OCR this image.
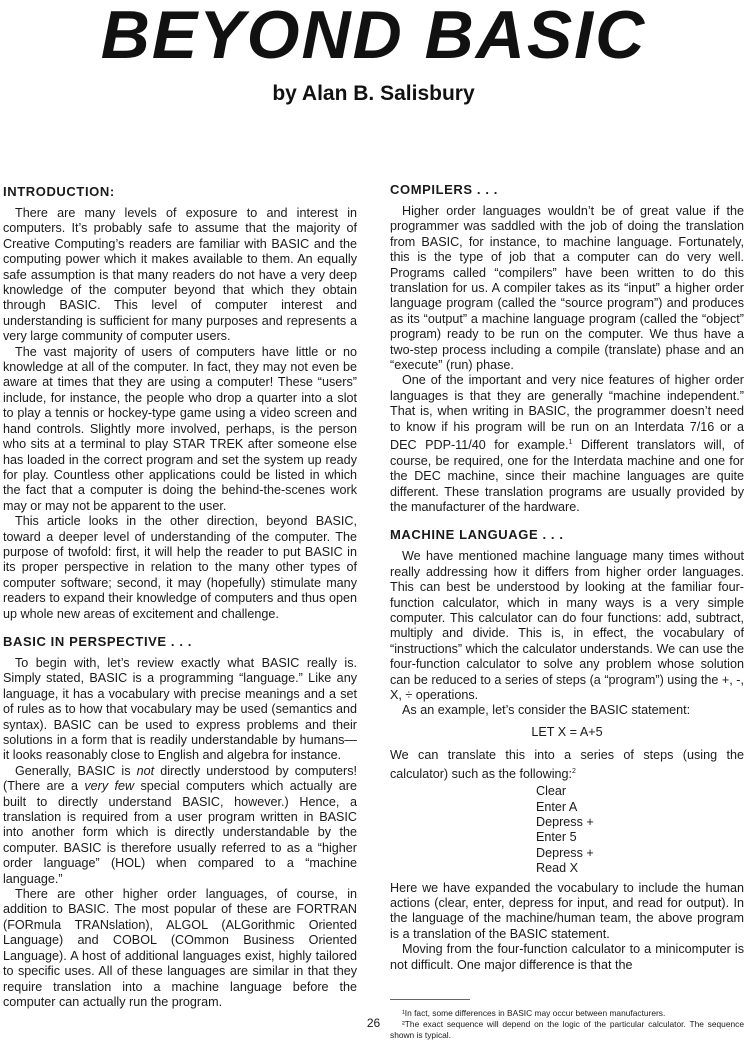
BEYOND BASIC
by Alan B. Salisbury
INTRODUCTION:

There are many levels of exposure to and interest in computers. It’s probably safe to assume that the majority of Creative Computing’s readers are familiar with BASIC and the computing power which it makes available to them. An equally safe assumption is that many readers do not have a very deep knowledge of the computer beyond that which they obtain through BASIC. This level of computer interest and understanding is sufficient for many purposes and represents a very large community of computer users.

The vast majority of users of computers have little or no knowledge at all of the computer. In fact, they may not even be aware at times that they are using a computer! These “users” include, for instance, the people who drop a quarter into a slot to play a tennis or hockey-type game using a video screen and hand controls. Slightly more involved, perhaps, is the person who sits at a terminal to play STAR TREK after someone else has loaded in the correct program and set the system up ready for play. Countless other applications could be listed in which the fact that a computer is doing the behind-the-scenes work may or may not be apparent to the user.

This article looks in the other direction, beyond BASIC, toward a deeper level of understanding of the computer. The purpose of twofold: first, it will help the reader to put BASIC in its proper perspective in relation to the many other types of computer software; second, it may (hopefully) stimulate many readers to expand their knowledge of computers and thus open up whole new areas of excitement and challenge.

BASIC IN PERSPECTIVE . . .

To begin with, let’s review exactly what BASIC really is. Simply stated, BASIC is a programming “language.” Like any language, it has a vocabulary with precise meanings and a set of rules as to how that vocabulary may be used (semantics and syntax). BASIC can be used to express problems and their solutions in a form that is readily understandable by humans—it looks reasonably close to English and algebra for instance.

Generally, BASIC is not directly understood by computers! (There are a very few special computers which actually are built to directly understand BASIC, however.) Hence, a translation is required from a user program written in BASIC into another form which is directly understandable by the computer. BASIC is therefore usually referred to as a “higher order language” (HOL) when compared to a “machine language.”

There are other higher order languages, of course, in addition to BASIC. The most popular of these are FORTRAN (FORmula TRANslation), ALGOL (ALGorithmic Oriented Language) and COBOL (COmmon Business Oriented Language). A host of additional languages exist, highly tailored to specific uses. All of these languages are similar in that they require translation into a machine language before the computer can actually run the program.

COMPILERS . . .

Higher order languages wouldn’t be of great value if the programmer was saddled with the job of doing the translation from BASIC, for instance, to machine language. Fortunately, this is the type of job that a computer can do very well. Programs called “compilers” have been written to do this translation for us. A compiler takes as its “input” a higher order language program (called the “source program”) and produces as its “output” a machine language program (called the “object” program) ready to be run on the computer. We thus have a two-step process including a compile (translate) phase and an “execute” (run) phase.

One of the important and very nice features of higher order languages is that they are generally “machine independent.” That is, when writing in BASIC, the programmer doesn’t need to know if his program will be run on an Interdata 7/16 or a DEC PDP-11/40 for example.$^1$ Different translators will, of course, be required, one for the Interdata machine and one for the DEC machine, since their machine languages are quite different. These translation programs are usually provided by the manufacturer of the hardware.

MACHINE LANGUAGE . . .

We have mentioned machine language many times without really addressing how it differs from higher order languages. This can best be understood by looking at the familiar four-function calculator, which in many ways is a very simple computer. This calculator can do four functions: add, subtract, multiply and divide. This is, in effect, the vocabulary of “instructions” which the calculator understands. We can use the four-function calculator to solve any problem whose solution can be reduced to a series of steps (a “program”) using the +, -, X, ÷ operations.

As an example, let’s consider the BASIC statement:

LET X = A+5

We can translate this into a series of steps (using the calculator) such as the following:$^2$

Clear
Enter A
Depress +
Enter 5
Depress +
Read X

Here we have expanded the vocabulary to include the human actions (clear, enter, depress for input, and read for output). In the language of the machine/human team, the above program is a translation of the BASIC statement.

Moving from the four-function calculator to a minicomputer is not difficult. One major difference is that the

¹In fact, some differences in BASIC may occur between manufacturers.

²The exact sequence will depend on the logic of the particular calculator. The sequence shown is typical.

26
